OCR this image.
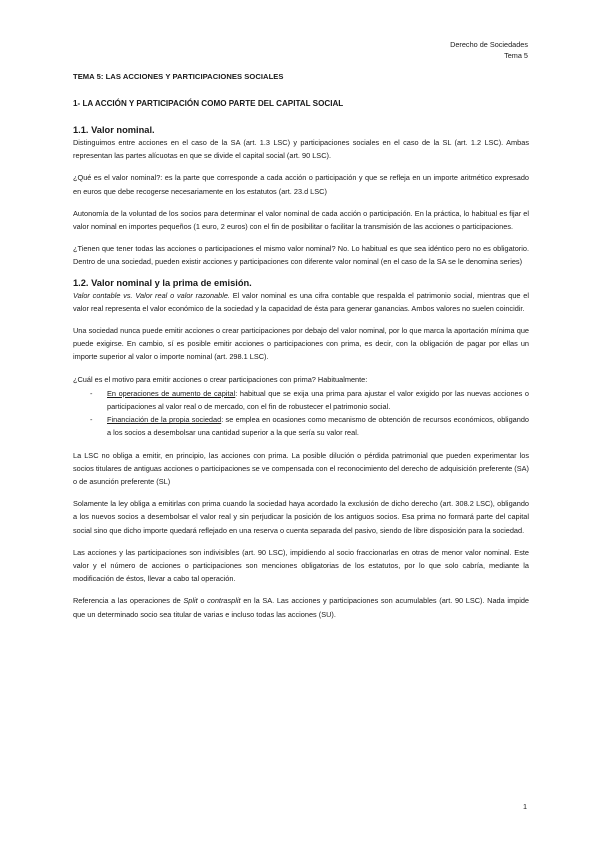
Derecho de Sociedades
Tema 5
TEMA 5: LAS ACCIONES Y PARTICIPACIONES SOCIALES
1- LA ACCIÓN Y PARTICIPACIÓN COMO PARTE DEL CAPITAL SOCIAL
1.1. Valor nominal.

Distinguimos entre acciones en el caso de la SA (art. 1.3 LSC) y participaciones sociales en el caso de la SL (art. 1.2 LSC). Ambas representan las partes alícuotas en que se divide el capital social (art. 90 LSC).

¿Qué es el valor nominal?: es la parte que corresponde a cada acción o participación y que se refleja en un importe aritmético expresado en euros que debe recogerse necesariamente en los estatutos (art. 23.d LSC)

Autonomía de la voluntad de los socios para determinar el valor nominal de cada acción o participación. En la práctica, lo habitual es fijar el valor nominal en importes pequeños (1 euro, 2 euros) con el fin de posibilitar o facilitar la transmisión de las acciones o participaciones.

¿Tienen que tener todas las acciones o participaciones el mismo valor nominal? No. Lo habitual es que sea idéntico pero no es obligatorio. Dentro de una sociedad, pueden existir acciones y participaciones con diferente valor nominal (en el caso de la SA se le denomina series)

1.2. Valor nominal y la prima de emisión.

Valor contable vs. Valor real o valor razonable. El valor nominal es una cifra contable que respalda el patrimonio social, mientras que el valor real representa el valor económico de la sociedad y la capacidad de ésta para generar ganancias. Ambos valores no suelen coincidir.

Una sociedad nunca puede emitir acciones o crear participaciones por debajo del valor nominal, por lo que marca la aportación mínima que puede exigirse. En cambio, sí es posible emitir acciones o participaciones con prima, es decir, con la obligación de pagar por ellas un importe superior al valor o importe nominal (art. 298.1 LSC).

¿Cuál es el motivo para emitir acciones o crear participaciones con prima? Habitualmente:

- En operaciones de aumento de capital: habitual que se exija una prima para ajustar el valor exigido por las nuevas acciones o participaciones al valor real o de mercado, con el fin de robustecer el patrimonio social.
- Financiación de la propia sociedad: se emplea en ocasiones como mecanismo de obtención de recursos económicos, obligando a los socios a desembolsar una cantidad superior a la que sería su valor real.

La LSC no obliga a emitir, en principio, las acciones con prima. La posible dilución o pérdida patrimonial que pueden experimentar los socios titulares de antiguas acciones o participaciones se ve compensada con el reconocimiento del derecho de adquisición preferente (SA) o de asunción preferente (SL)

Solamente la ley obliga a emitirlas con prima cuando la sociedad haya acordado la exclusión de dicho derecho (art. 308.2 LSC), obligando a los nuevos socios a desembolsar el valor real y sin perjudicar la posición de los antiguos socios. Esa prima no formará parte del capital social sino que dicho importe quedará reflejado en una reserva o cuenta separada del pasivo, siendo de libre disposición para la sociedad.

Las acciones y las participaciones son indivisibles (art. 90 LSC), impidiendo al socio fraccionarlas en otras de menor valor nominal. Este valor y el número de acciones o participaciones son menciones obligatorias de los estatutos, por lo que solo cabría, mediante la modificación de éstos, llevar a cabo tal operación.

Referencia a las operaciones de Split o contrasplit en la SA. Las acciones y participaciones son acumulables (art. 90 LSC). Nada impide que un determinado socio sea titular de varias e incluso todas las acciones (SU).

1
